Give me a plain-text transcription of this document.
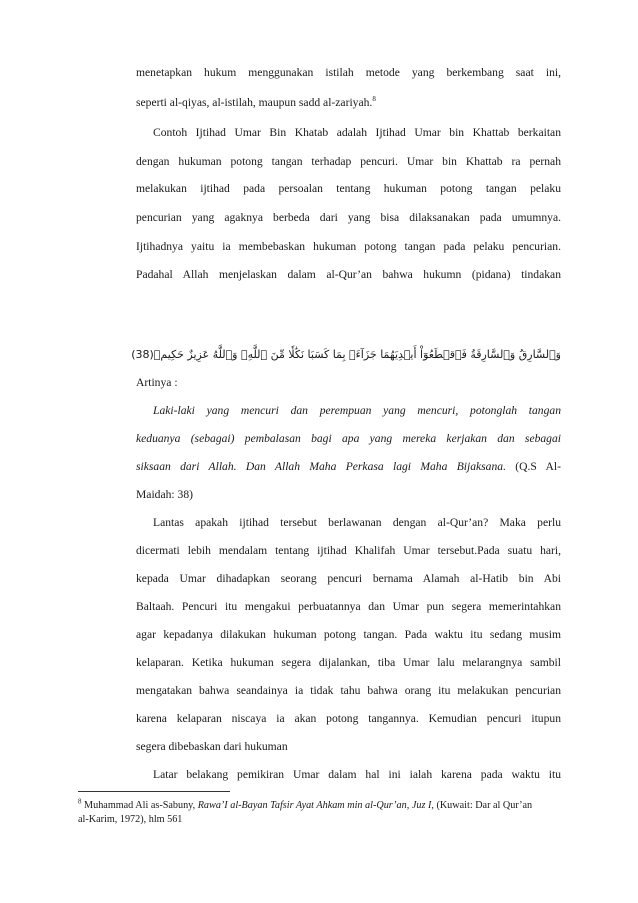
menetapkan hukum menggunakan istilah metode yang berkembang saat ini,
seperti al-qiyas, al-istilah, maupun sadd al-zariyah.$^8$
Contoh Ijtihad Umar Bin Khatab adalah Ijtihad Umar bin Khattab berkaitan
dengan hukuman potong tangan terhadap pencuri. Umar bin Khattab ra pernah
melakukan ijtihad pada persoalan tentang hukuman potong tangan pelaku
pencurian yang agaknya berbeda dari yang bisa dilaksanakan pada umumnya.
Ijtihadnya yaitu ia membebaskan hukuman potong tangan pada pelaku pencurian.
Padahal Allah menjelaskan dalam al-Qur’an bahwa hukumn (pidana) tindakan
وَٱلسَّارِقُ وَٱلسَّارِقَةُ فَٱقۡطَعُوٓاْ أَيۡدِيَهُمَا جَزَآءَۢ بِمَا كَسَبَا نَكَٰلٗا مِّنَ ٱللَّهِۗ وَٱللَّهُ عَزِيزٌ حَكِيمٞ(38)
Artinya :
Laki-laki yang mencuri dan perempuan yang mencuri, potonglah tangan
keduanya (sebagai) pembalasan bagi apa yang mereka kerjakan dan sebagai
siksaan dari Allah. Dan Allah Maha Perkasa lagi Maha Bijaksana. (Q.S Al-
Maidah: 38)
Lantas apakah ijtihad tersebut berlawanan dengan al-Qur’an? Maka perlu
dicermati lebih mendalam tentang ijtihad Khalifah Umar tersebut.Pada suatu hari,
kepada Umar dihadapkan seorang pencuri bernama Alamah al-Hatib bin Abi
Baltaah. Pencuri itu mengakui perbuatannya dan Umar pun segera memerintahkan
agar kepadanya dilakukan hukuman potong tangan. Pada waktu itu sedang musim
kelaparan. Ketika hukuman segera dijalankan, tiba Umar lalu melarangnya sambil
mengatakan bahwa seandainya ia tidak tahu bahwa orang itu melakukan pencurian
karena kelaparan niscaya ia akan potong tangannya. Kemudian pencuri itupun
segera dibebaskan dari hukuman
Latar belakang pemikiran Umar dalam hal ini ialah karena pada waktu itu
$^8$ Muhammad Ali as-Sabuny, Rawa’I al-Bayan Tafsir Ayat Ahkam min al-Qur’an, Juz I, (Kuwait: Dar al Qur’an
al-Karim, 1972), hlm 561
